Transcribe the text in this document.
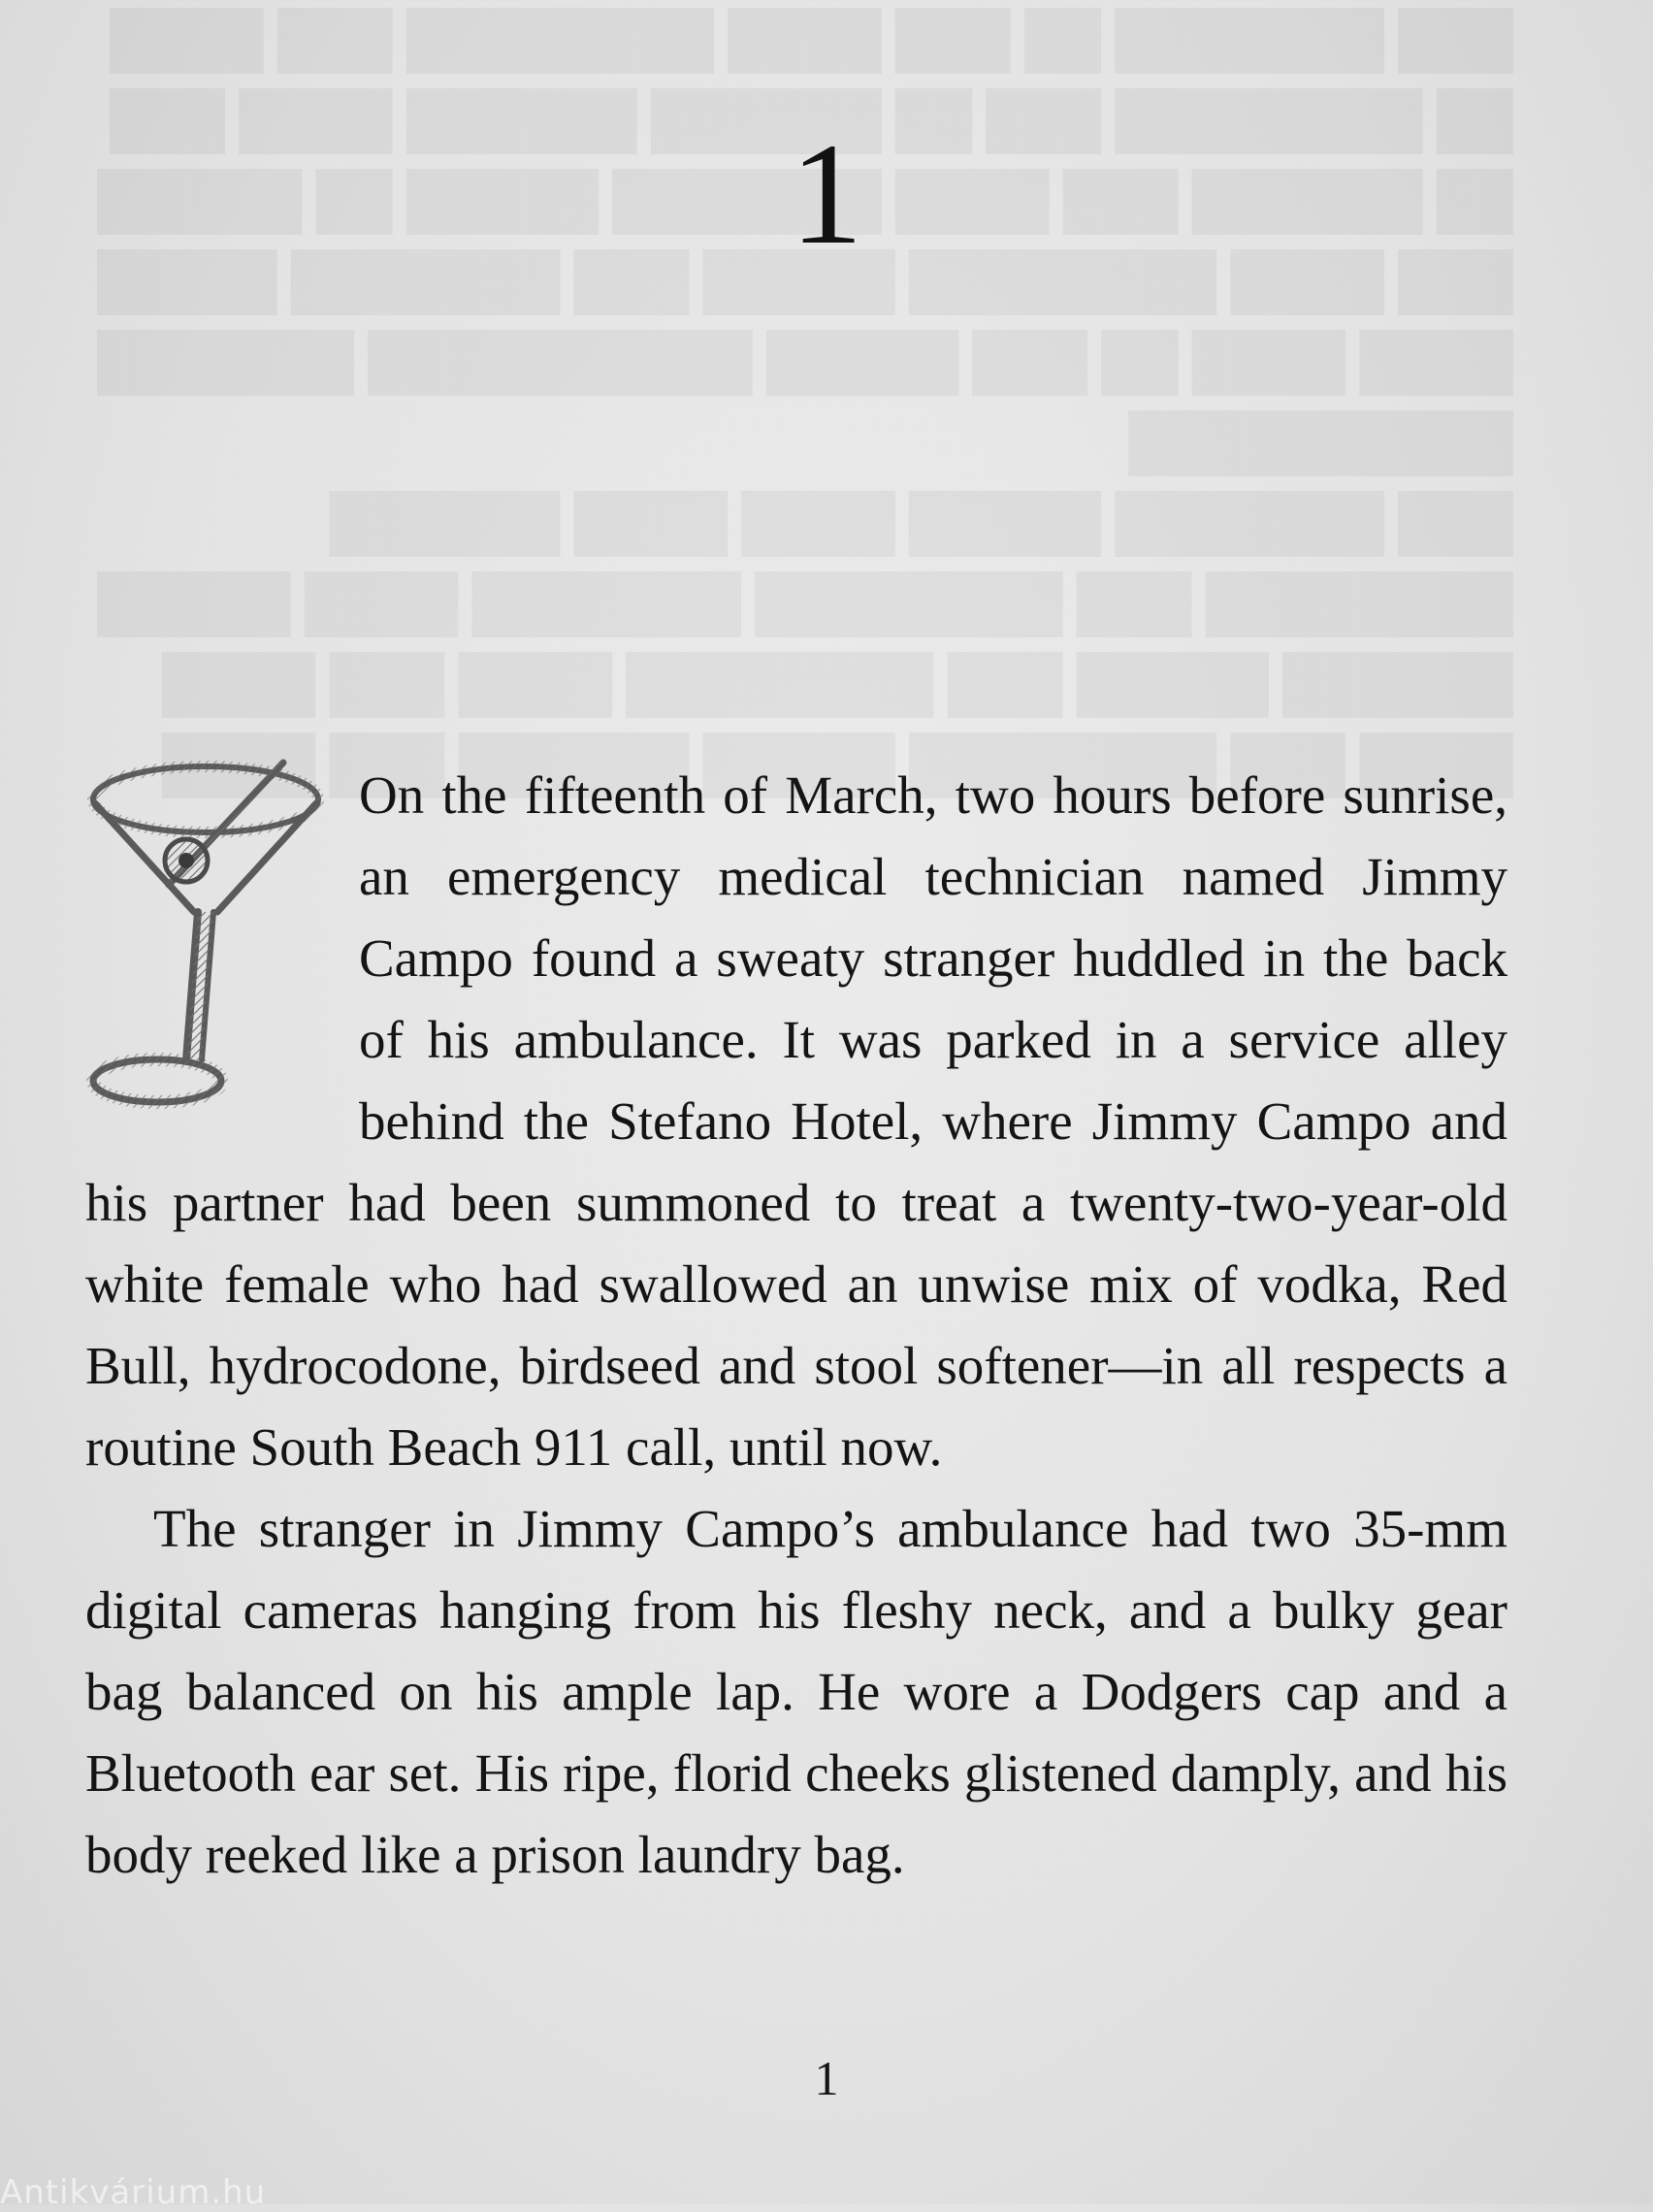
1

On the fifteenth of March, two hours before sunrise, an emergency medical technician named Jimmy Campo found a sweaty stranger huddled in the back of his ambulance. It was parked in a service alley behind the Stefano Hotel, where Jimmy Campo and his partner had been summoned to treat a twenty-two-year-old white female who had swallowed an unwise mix of vodka, Red Bull, hydrocodone, birdseed and stool softener—in all respects a routine South Beach 911 call, until now.

The stranger in Jimmy Campo’s ambulance had two 35-mm digital cameras hanging from his fleshy neck, and a bulky gear bag balanced on his ample lap. He wore a Dodgers cap and a Bluetooth ear set. His ripe, florid cheeks glistened damply, and his body reeked like a prison laundry bag.

1
Antikvárium.hu
